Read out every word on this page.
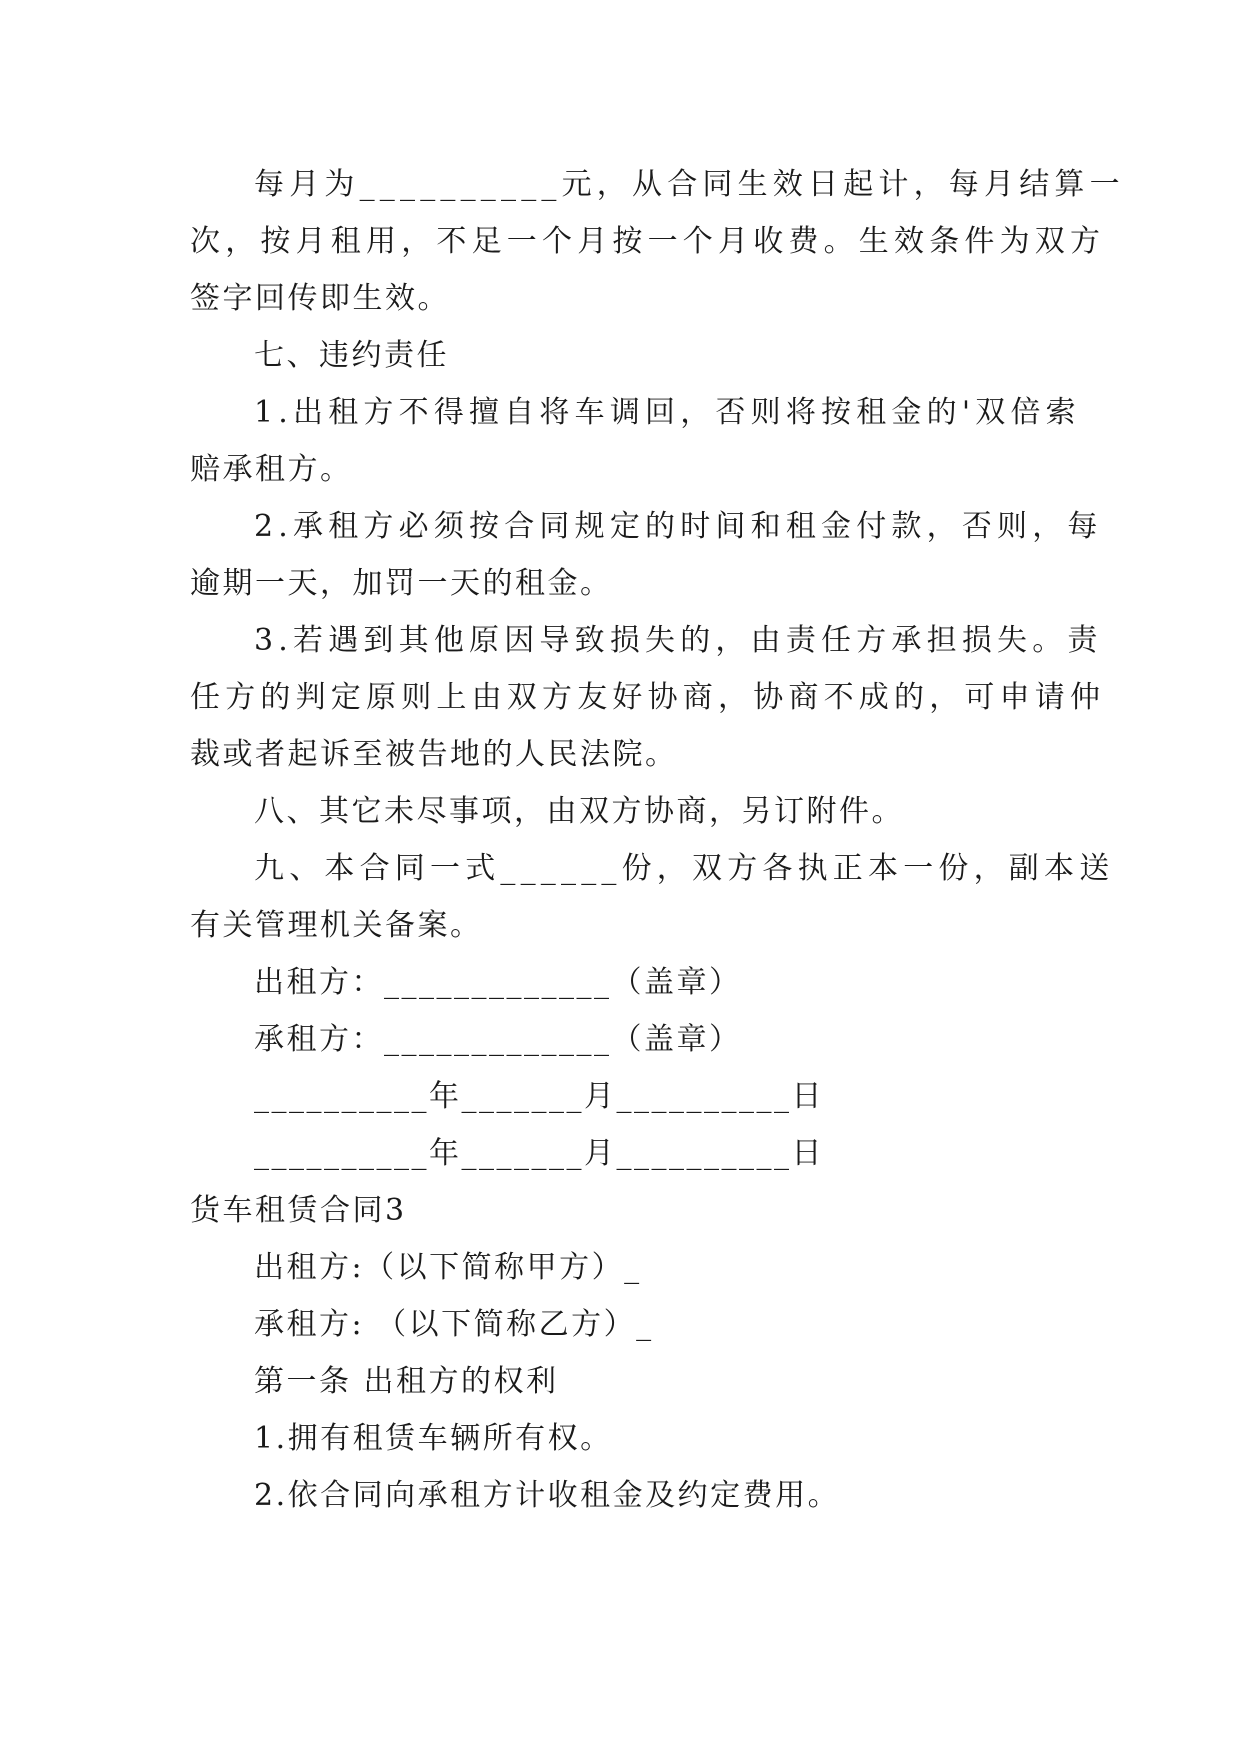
每月为__________元，从合同生效日起计，每月结算一
次，按月租用，不足一个月按一个月收费。生效条件为双方
签字回传即生效。
七、违约责任
1.出租方不得擅自将车调回，否则将按租金的'双倍索
赔承租方。
2.承租方必须按合同规定的时间和租金付款，否则，每
逾期一天，加罚一天的租金。
3.若遇到其他原因导致损失的，由责任方承担损失。责
任方的判定原则上由双方友好协商，协商不成的，可申请仲
裁或者起诉至被告地的人民法院。
八、其它未尽事项，由双方协商，另订附件。
九、本合同一式______份，双方各执正本一份，副本送
有关管理机关备案。
出租方：_____________（盖章）
承租方：_____________（盖章）
__________年_______月__________日
__________年_______月__________日
货车租赁合同3
出租方:（以下简称甲方）_
承租方: （以下简称乙方）_
第一条 出租方的权利
1.拥有租赁车辆所有权。
2.依合同向承租方计收租金及约定费用。
